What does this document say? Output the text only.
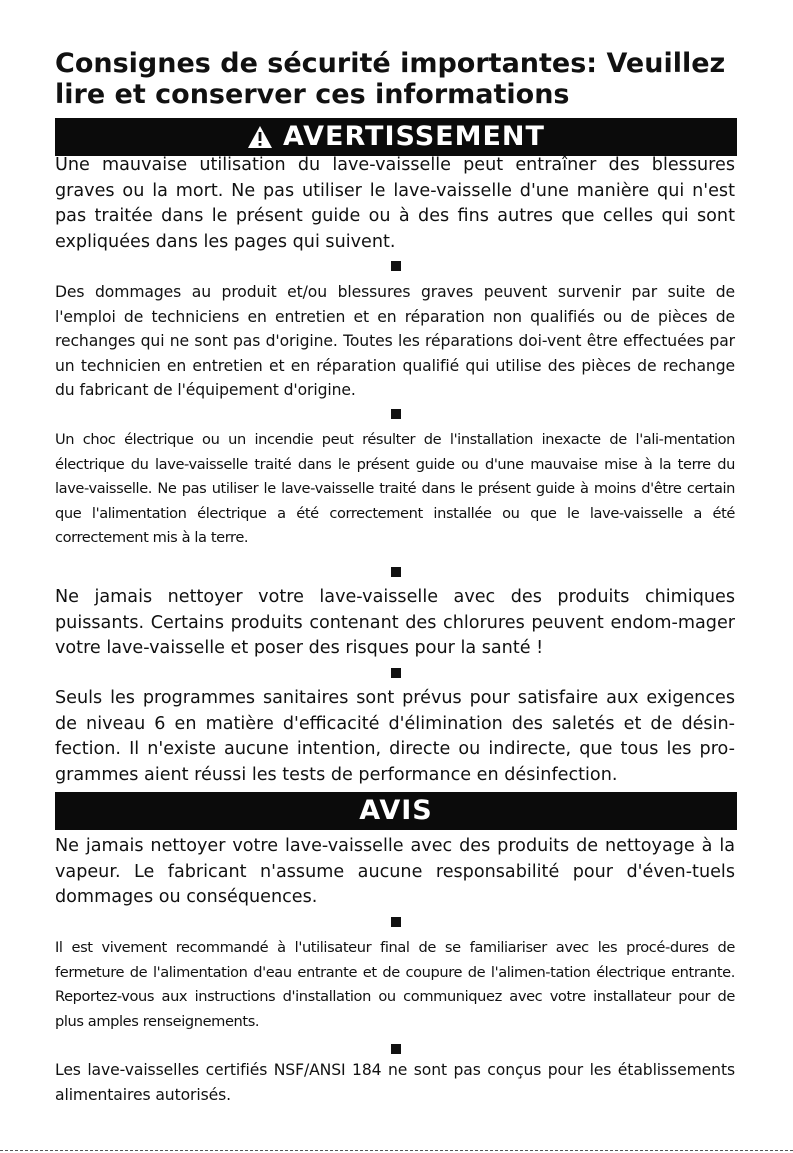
Consignes de sécurité importantes: Veuillez lire et conserver ces informations
AVERTISSEMENT

Une mauvaise utilisation du lave-vaisselle peut entraîner des blessures graves ou la mort. Ne pas utiliser le lave-vaisselle d'une manière qui n'est pas traitée dans le présent guide ou à des fins autres que celles qui sont expliquées dans les pages qui suivent.

Des dommages au produit et/ou blessures graves peuvent survenir par suite de l'emploi de techniciens en entretien et en réparation non qualifiés ou de pièces de rechanges qui ne sont pas d'origine. Toutes les réparations doi-vent être effectuées par un technicien en entretien et en réparation qualifié qui utilise des pièces de rechange du fabricant de l'équipement d'origine.

Un choc électrique ou un incendie peut résulter de l'installation inexacte de l'ali-mentation électrique du lave-vaisselle traité dans le présent guide ou d'une mauvaise mise à la terre du lave-vaisselle. Ne pas utiliser le lave-vaisselle traité dans le présent guide à moins d'être certain que l'alimentation électrique a été correctement installée ou que le lave-vaisselle a été correctement mis à la terre.

Ne jamais nettoyer votre lave-vaisselle avec des produits chimiques puissants. Certains produits contenant des chlorures peuvent endom-mager votre lave-vaisselle et poser des risques pour la santé !

Seuls les programmes sanitaires sont prévus pour satisfaire aux exigences de niveau 6 en matière d'efficacité d'élimination des saletés et de désin-fection. Il n'existe aucune intention, directe ou indirecte, que tous les pro-grammes aient réussi les tests de performance en désinfection.

AVIS

Ne jamais nettoyer votre lave-vaisselle avec des produits de nettoyage à la vapeur. Le fabricant n'assume aucune responsabilité pour d'éven-tuels dommages ou conséquences.

Il est vivement recommandé à l'utilisateur final de se familiariser avec les procé-dures de fermeture de l'alimentation d'eau entrante et de coupure de l'alimen-tation électrique entrante. Reportez-vous aux instructions d'installation ou communiquez avec votre installateur pour de plus amples renseignements.

Les lave-vaisselles certifiés NSF/ANSI 184 ne sont pas conçus pour les établissements alimentaires autorisés.
